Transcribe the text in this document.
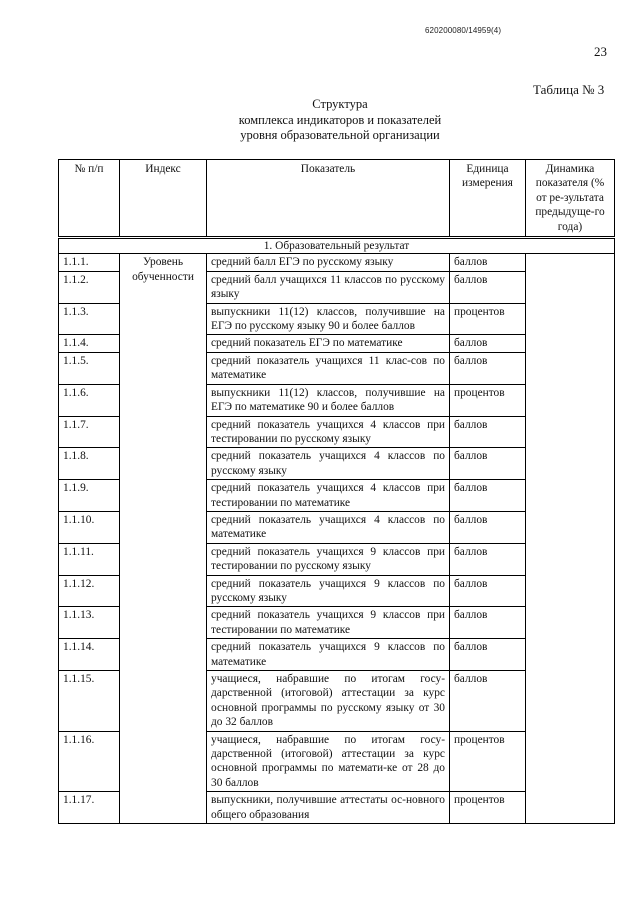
620200080/14959(4)
23
Таблица № 3
Структура
комплекса индикаторов и показателей
уровня образовательной организации
№ п/п	Индекс	Показатель	Единица измерения	Динамика показателя (% от ре-зультата предыдуще-го года)
1. Образовательный результат				
1.1.1.	Уровень обученности	средний балл ЕГЭ по русскому языку	баллов	
1.1.2.		средний балл учащихся 11 классов по русскому языку	баллов	
1.1.3.		выпускники 11(12) классов, получившие на ЕГЭ по русскому языку 90 и более баллов	процентов	
1.1.4.		средний показатель ЕГЭ по математике	баллов	
1.1.5.		средний показатель учащихся 11 клас-сов по математике	баллов	
1.1.6.		выпускники 11(12) классов, получившие на ЕГЭ по математике 90 и более баллов	процентов	
1.1.7.		средний показатель учащихся 4 классов при тестировании по русскому языку	баллов	
1.1.8.		средний показатель учащихся 4 классов по русскому языку	баллов	
1.1.9.		средний показатель учащихся 4 классов при тестировании по математике	баллов	
1.1.10.		средний показатель учащихся 4 классов по математике	баллов	
1.1.11.		средний показатель учащихся 9 классов при тестировании по русскому языку	баллов	
1.1.12.		средний показатель учащихся 9 классов по русскому языку	баллов	
1.1.13.		средний показатель учащихся 9 классов при тестировании по математике	баллов	
1.1.14.		средний показатель учащихся 9 классов по математике	баллов	
1.1.15.		учащиеся, набравшие по итогам госу-дарственной (итоговой) аттестации за курс основной программы по русскому языку от 30 до 32 баллов	баллов	
1.1.16.		учащиеся, набравшие по итогам госу-дарственной (итоговой) аттестации за курс основной программы по математи-ке от 28 до 30 баллов	процентов	
1.1.17.		выпускники, получившие аттестаты ос-новного общего образования	процентов	
